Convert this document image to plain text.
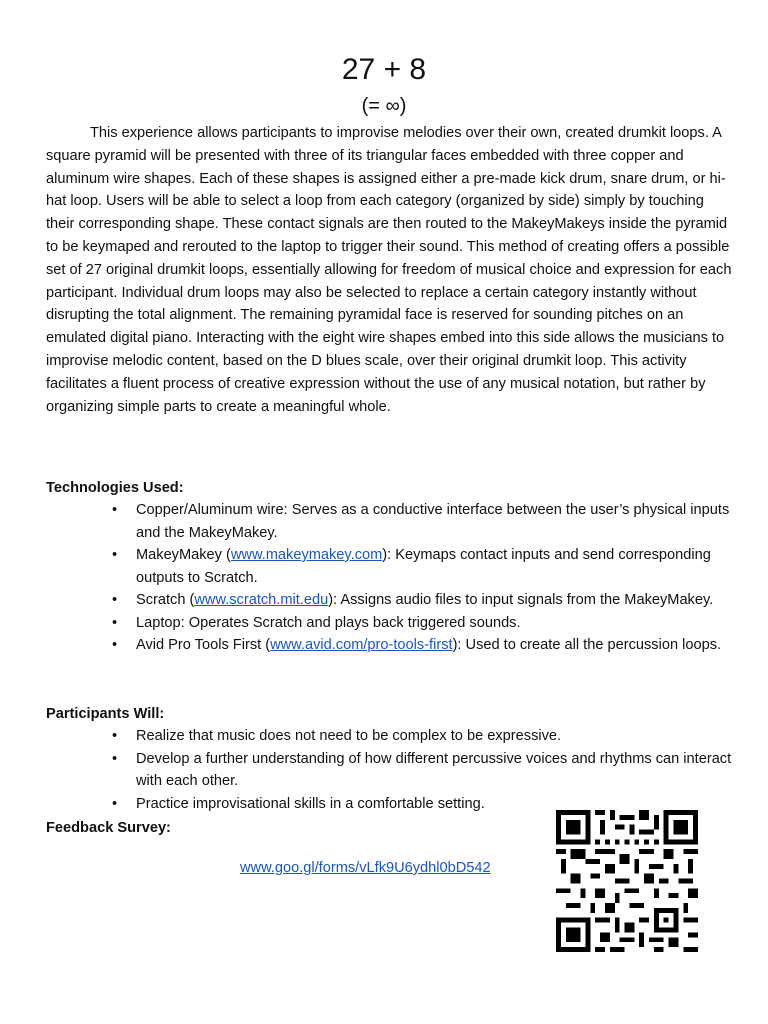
27 + 8
(= ∞)

This experience allows participants to improvise melodies over their own, created drumkit loops. A square pyramid will be presented with three of its triangular faces embedded with three copper and aluminum wire shapes. Each of these shapes is assigned either a pre-made kick drum, snare drum, or hi-hat loop. Users will be able to select a loop from each category (organized by side) simply by touching their corresponding shape. These contact signals are then routed to the MakeyMakeys inside the pyramid to be keymaped and rerouted to the laptop to trigger their sound. This method of creating offers a possible set of 27 original drumkit loops, essentially allowing for freedom of musical choice and expression for each participant. Individual drum loops may also be selected to replace a certain category instantly without disrupting the total alignment. The remaining pyramidal face is reserved for sounding pitches on an emulated digital piano. Interacting with the eight wire shapes embed into this side allows the musicians to improvise melodic content, based on the D blues scale, over their original drumkit loop. This activity facilitates a fluent process of creative expression without the use of any musical notation, but rather by organizing simple parts to create a meaningful whole.

Technologies Used:
• Copper/Aluminum wire: Serves as a conductive interface between the user’s physical inputs and the MakeyMakey.
• MakeyMakey (www.makeymakey.com): Keymaps contact inputs and send corresponding outputs to Scratch.
• Scratch (www.scratch.mit.edu): Assigns audio files to input signals from the MakeyMakey.
• Laptop: Operates Scratch and plays back triggered sounds.
• Avid Pro Tools First (www.avid.com/pro-tools-first): Used to create all the percussion loops.
Participants Will:
• Realize that music does not need to be complex to be expressive.
• Develop a further understanding of how different percussive voices and rhythms can interact with each other.
• Practice improvisational skills in a comfortable setting.
Feedback Survey:
www.goo.gl/forms/vLfk9U6ydhl0bD542
